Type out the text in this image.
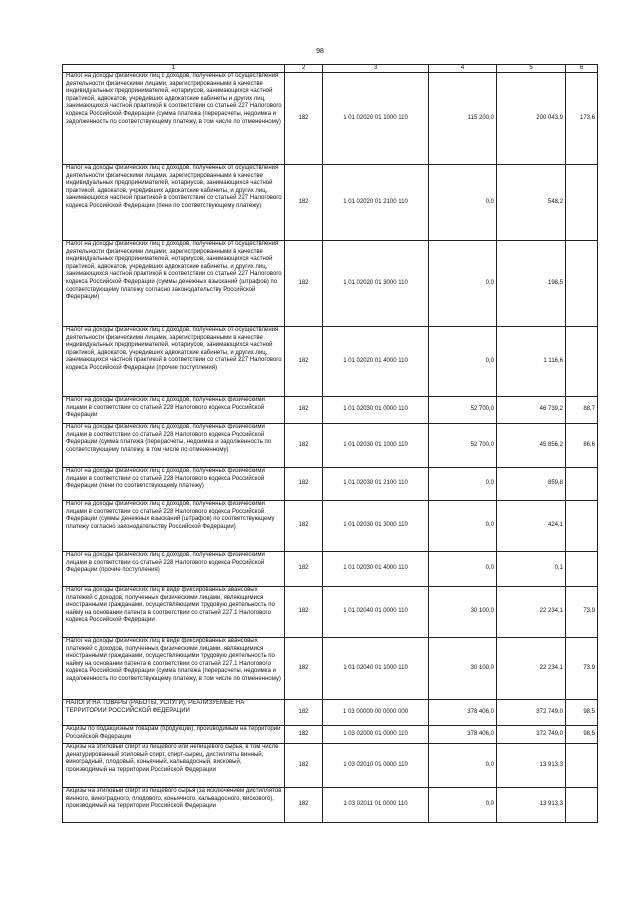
98
1	2	3	4	5	6
Налог на доходы физических лиц с доходов, полученных от осуществления деятельности физическими лицами, зарегистрированными в качестве индивидуальных предпринимателей, нотариусов, занимающихся частной практикой, адвокатов, учредивших адвокатские кабинеты и других лиц, занимающихся частной практикой в соответствии со статьей 227 Налогового кодекса Российской Федерации (сумма платежа (перерасчеты, недоимка и задолженность по соответствующему платежу, в том числе по отмененному)	182	1 01 02020 01 1000 110	115 200,0	200 043,9	173,6
Налог на доходы физических лиц с доходов, полученных от осуществления деятельности физическими лицами, зарегистрированными в качестве индивидуальных предпринимателей, нотариусов, занимающихся частной практикой, адвокатов, учредивших адвокатские кабинеты, и других лиц, занимающихся частной практикой в соответствии со статьей 227 Налогового кодекса Российской Федерации (пени по соответствующему платежу)	182	1 01 02020 01 2100 110	0,0	548,2	
Налог на доходы физических лиц с доходов, полученных от осуществления деятельности физическими лицами, зарегистрированными в качестве индивидуальных предпринимателей, нотариусов, занимающихся частной практикой, адвокатов, учредивших адвокатские кабинеты, и других лиц, занимающихся частной практикой в соответствии со статьей 227 Налогового кодекса Российской Федерации (суммы денежных взысканий (штрафов) по соответствующему платежу согласно законодательству Российской Федерации)	182	1 01 02020 01 3000 110	0,0	198,5	
Налог на доходы физических лиц с доходов, полученных от осуществления деятельности физическими лицами, зарегистрированными в качестве индивидуальных предпринимателей, нотариусов, занимающихся частной практикой, адвокатов, учредивших адвокатские кабинеты, и других лиц, занимающихся частной практикой в соответствии со статьей 227 Налогового кодекса Российской Федерации (прочие поступления)	182	1 01 02020 01 4000 110	0,0	1 116,6	
Налог на доходы физических лиц с доходов, полученных физическими лицами в соответствии со статьей 228 Налогового кодекса Российской Федерации	182	1 01 02030 01 0000 110	52 700,0	46 739,2	88,7
Налог на доходы физических лиц с доходов, полученных физическими лицами в соответствии со статьей 228 Налогового кодекса Российской Федерации (сумма платежа (перерасчеты, недоимка и задолженность по соответствующему платежу, в том числе по отмененному)	182	1 01 02030 01 1000 110	52 700,0	45 856,2	86,6
Налог на доходы физических лиц с доходов, полученных физическими лицами в соответствии со статьей 228 Налогового кодекса Российской Федерации (пени по соответствующему платежу)	182	1 01 02030 01 2100 110	0,0	859,8	
Налог на доходы физических лиц с доходов, полученных физическими лицами в соответствии со статьей 228 Налогового кодекса Российской Федерации (суммы денежных взысканий (штрафов) по соответствующему платежу согласно законодательству Российской Федерации)	182	1 01 02030 01 3000 110	0,0	424,1	
Налог на доходы физических лиц с доходов, полученных физическими лицами в соответствии со статьей 228 Налогового кодекса Российской Федерации (прочие поступления)	182	1 01 02030 01 4000 110	0,0	0,1	
Налог на доходы физических лиц в виде фиксированных авансовых платежей с доходов, полученных физическими лицами, являющимися иностранными гражданами, осуществляющими трудовую деятельность по найму на основании патента в соответствии со статьей 227.1 Налогового кодекса Российской Федерации	182	1 01 02040 01 0000 110	30 100,0	22 234,1	73,9
Налог на доходы физических лиц в виде фиксированных авансовых платежей с доходов, полученных физическими лицами, являющимися иностранными гражданами, осуществляющими трудовую деятельность по найму на основании патента в соответствии со статьей 227.1 Налогового кодекса Российской Федерации (сумма платежа (перерасчеты, недоимка и задолженность по соответствующему платежу, в том числе по отмененному)	182	1 01 02040 01 1000 110	30 100,0	22 234,1	73,9
НАЛОГИ НА ТОВАРЫ (РАБОТЫ, УСЛУГИ), РЕАЛИЗУЕМЫЕ НА ТЕРРИТОРИИ РОССИЙСКОЙ ФЕДЕРАЦИИ	182	1 03 00000 00 0000 000	378 406,0	372 749,0	98,5
Акцизы по подакцизным товарам (продукции), производимым на территории Российской Федерации	182	1 03 02000 01 0000 110	378 406,0	372 749,0	98,5
Акцизы на этиловый спирт из пищевого или непищевого сырья, в том числе денатурированный этиловый спирт, спирт-сырец, дистилляты винный, виноградный, плодовый, коньячный, кальвадосный, висковый, производимый на территории Российской Федерации	182	1 03 02010 01 0000 110	0,0	13 913,3	
Акцизы на этиловый спирт из пищевого сырья (за исключением дистиллятов винного, виноградного, плодового, коньячного, кальвадосного, вискового), производимый на территории Российской Федерации	182	1 03 02011 01 0000 110	0,0	13 913,3	
